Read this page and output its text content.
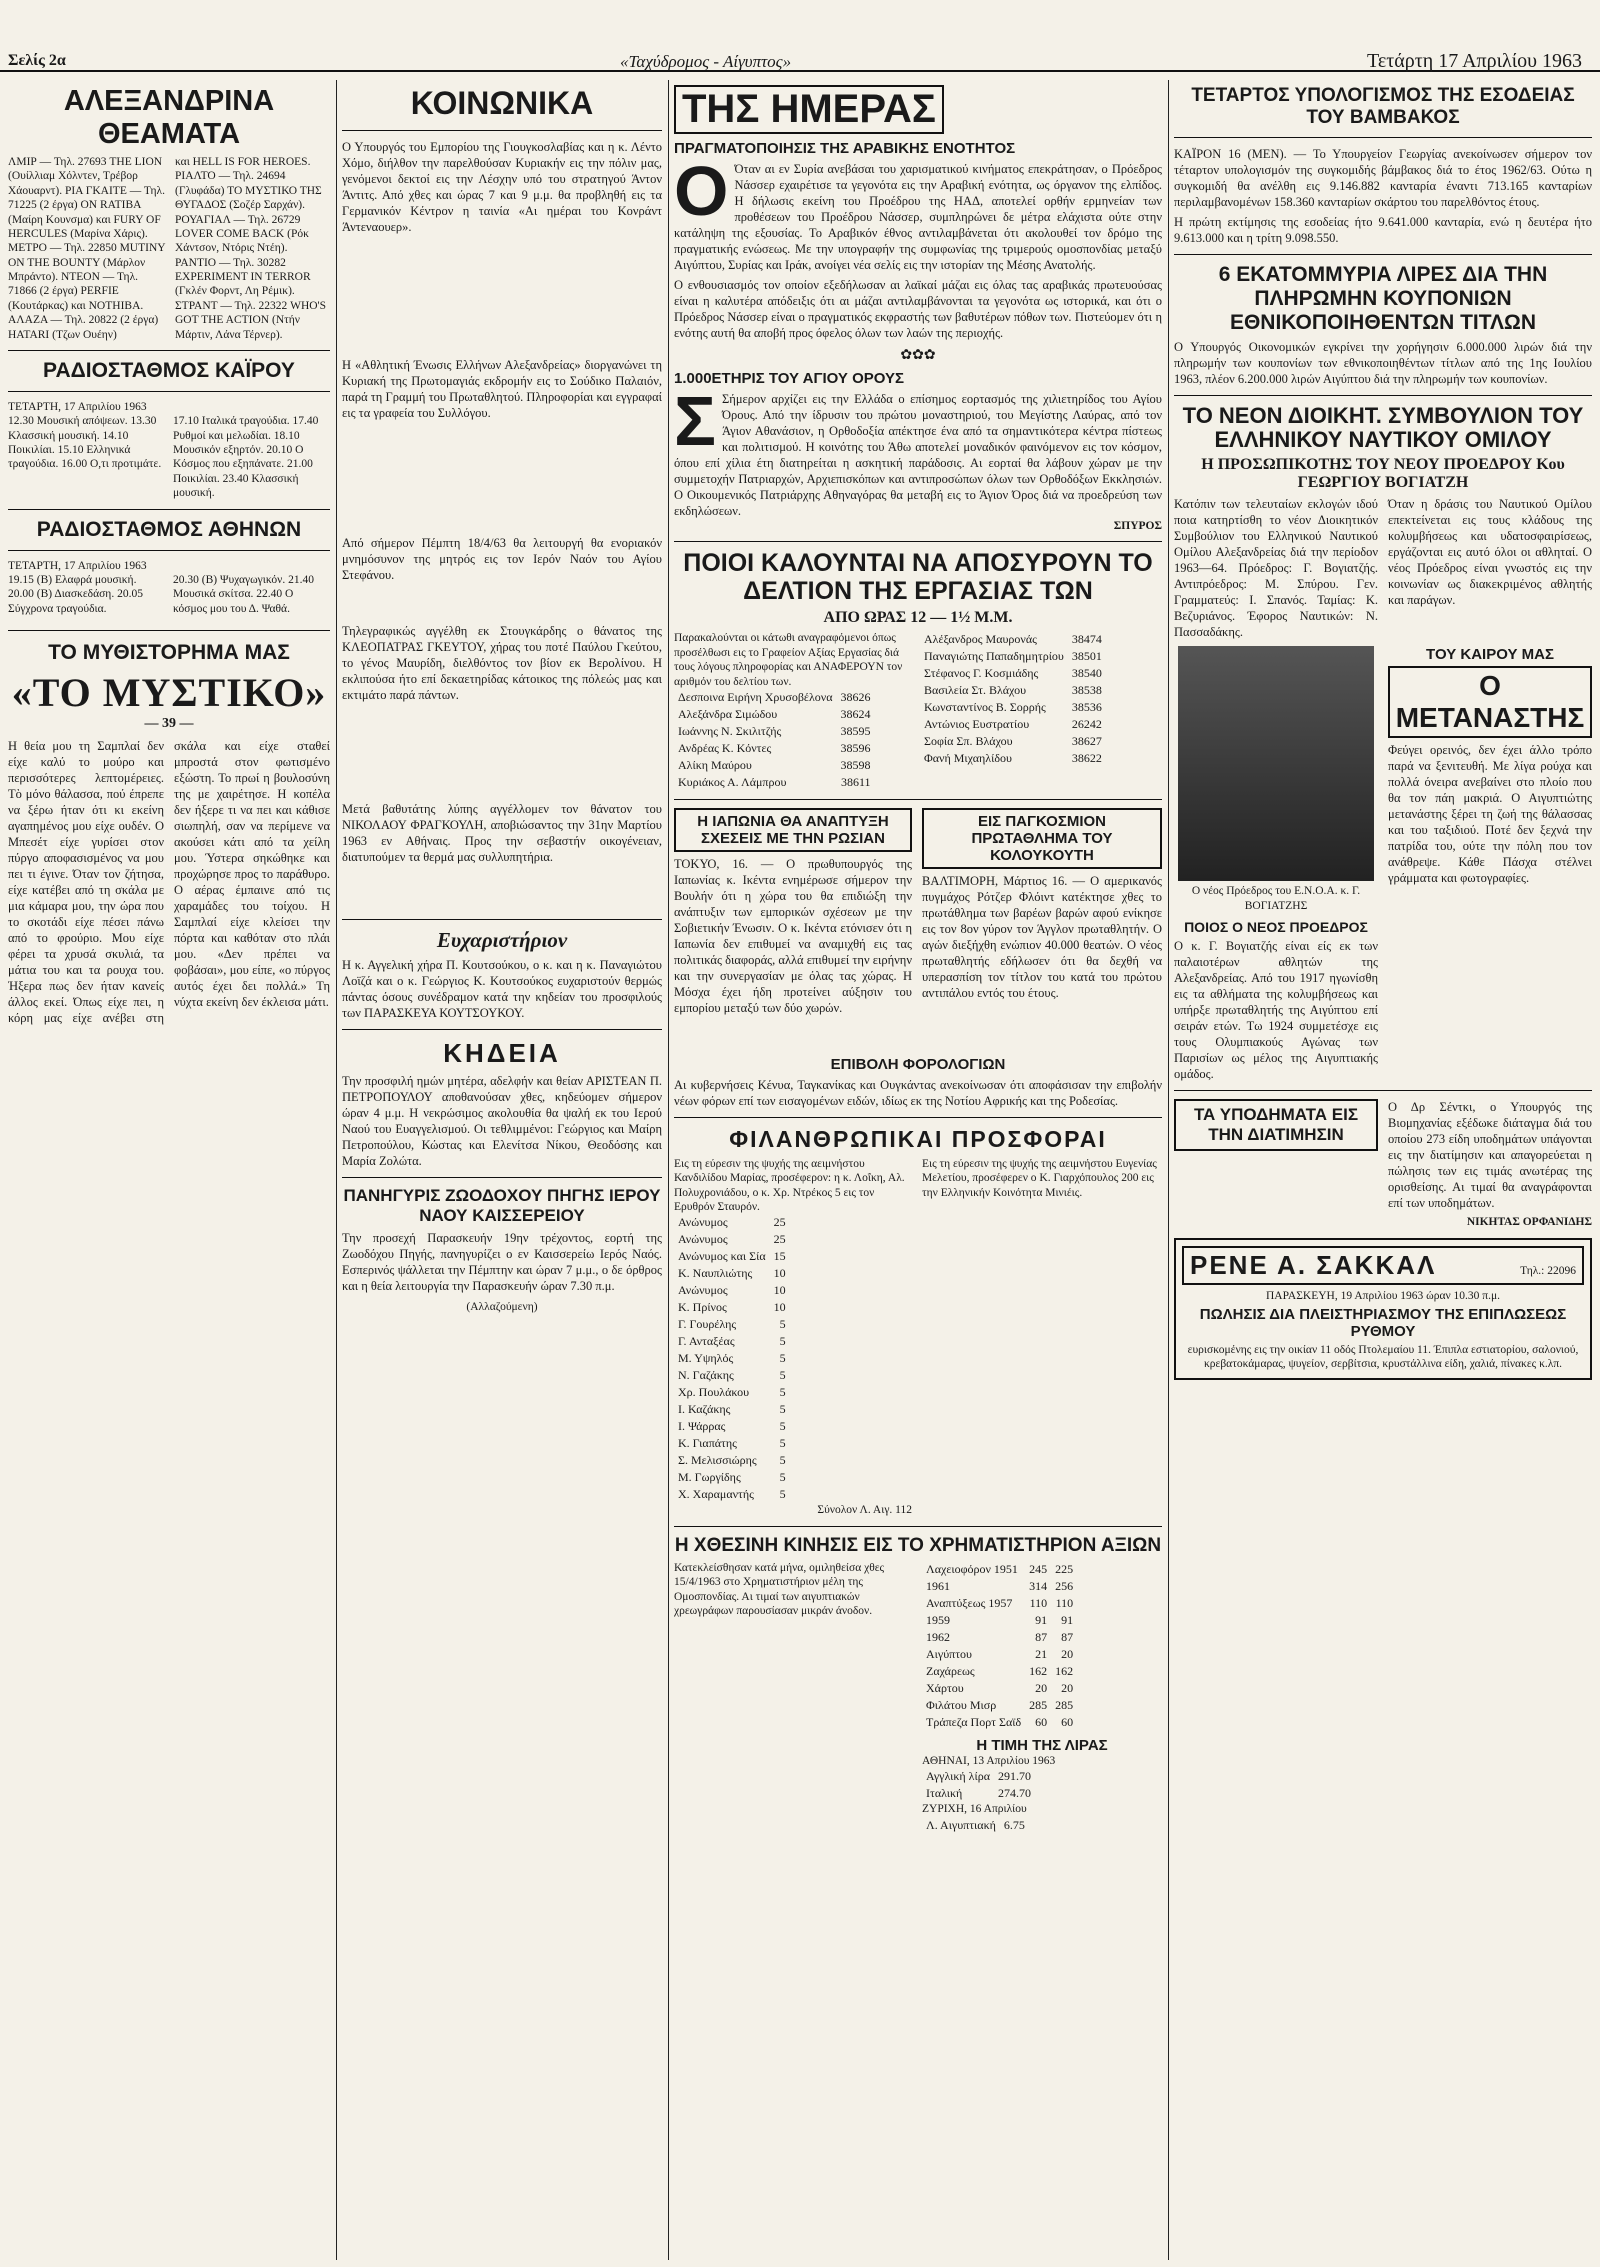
Σελίς 2α	«Ταχύδρομος - Αίγυπτος»	Τετάρτη 17 Απριλίου 1963
ΑΛΕΞΑΝΔΡΙΝΑ ΘΕΑΜΑΤΑ
ΛΜΙΡ — Τηλ. 27693 THE LION (Ουίλλιαμ Χόλντεν, Τρέβορ Χάουαρντ). ΡΙΑ ΓΚΑΙΤΕ — Τηλ. 71225 (2 έργα) ON RATIBA (Μαίρη Κουνσμα) και FURY OF HERCULES (Μαρίνα Χάρις). ΜΕΤΡΟ — Τηλ. 22850 MUTINY ON THE BOUNTY (Μάρλον Μπράντο). ΝΤΕΟΝ — Τηλ. 71866 (2 έργα) PERFIE (Κουτάρκας) και NOTHIBA. ΑΛΑΖΑ — Τηλ. 20822 (2 έργα) HATARI (Τζων Ουέην)
και HELL IS FOR HEROES. ΡΙΑΛΤΟ — Τηλ. 24694 (Γλυφάδα) ΤΟ ΜΥΣΤΙΚΟ ΤΗΣ ΘΥΓΑΔΟΣ (Σοζέρ Σαρχάν). ΡΟΥΑΓΙΑΛ — Τηλ. 26729 LOVER COME BACK (Ρόκ Χάντσον, Ντόρις Ντέη). ΡΑΝΤΙΟ — Τηλ. 30282 EXPERIMENT IN TERROR (Γκλέν Φορντ, Λη Ρέμικ). ΣΤΡΑΝΤ — Τηλ. 22322 WHO'S GOT THE ACTION (Ντήν Μάρτιν, Λάνα Τέρνερ).
ΡΑΔΙΟΣΤΑΘΜΟΣ ΚΑΪΡΟΥ
ΤΕΤΑΡΤΗ, 17 Απριλίου 1963
12.30 Μουσική απόψεων. 13.30 Κλασσική μουσική. 14.10 Ποικιλίαι. 15.10 Ελληνικά τραγούδια. 16.00 Ο,τι προτιμάτε.
17.10 Ιταλικά τραγούδια. 17.40 Ρυθμοί και μελωδίαι. 18.10 Μουσικόν εξηρτόν. 20.10 Ο Κόσμος που εξηπάνατε. 21.00 Ποικιλίαι. 23.40 Κλασσική μουσική.
ΡΑΔΙΟΣΤΑΘΜΟΣ ΑΘΗΝΩΝ
ΤΕΤΑΡΤΗ, 17 Απριλίου 1963
19.15 (Β) Ελαφρά μουσική. 20.00 (Β) Διασκεδάση. 20.05 Σύγχρονα τραγούδια.
20.30 (Β) Ψυχαγωγικόν. 21.40 Μουσικά σκίτσα. 22.40 Ο κόσμος μου του Δ. Ψαθά.
ΤΟ ΜΥΘΙΣΤΟΡΗΜΑ ΜΑΣ
«ΤΟ ΜΥΣΤΙΚΟ»
— 39 —
Η θεία μου τη Σαμπλαί δεν είχε καλύ το μούρο και περισσότερες λεπτομέρειες. Τὸ μόνο θάλασσα, πού έπρεπε να ξέρω ήταν ότι κι εκείνη αγαπημένος μου είχε ουδέν. Ο Μπεσέτ είχε γυρίσει στον πύργο αποφασισμένος να μου πει τι έγινε. Όταν τον ζήτησα, είχε κατέβει από τη σκάλα με μια κάμαρα μου, την ώρα που το σκοτάδι είχε πέσει πάνω από το φρούριο. Μου είχε φέρει τα χρυσά σκυλιά, τα μάτια του και τα ρουχα του. Ήξερα πως δεν ήταν κανείς άλλος εκεί. Όπως είχε πει, η κόρη μας είχε ανέβει στη σκάλα και είχε σταθεί μπροστά στον φωτισμένο εξώστη. Το πρωί η βουλοσύνη της με χαιρέτησε. Η κοπέλα δεν ήξερε τι να πει και κάθισε σιωπηλή, σαν να περίμενε να ακούσει κάτι από τα χείλη μου. Ύστερα σηκώθηκε και προχώρησε προς το παράθυρο. Ο αέρας έμπαινε από τις χαραμάδες του τοίχου. Η Σαμπλαί είχε κλείσει την πόρτα και καθόταν στο πλάι μου. «Δεν πρέπει να φοβάσαι», μου είπε, «ο πύργος αυτός έχει δει πολλά.» Τη νύχτα εκείνη δεν έκλεισα μάτι.
ΚΟΙΝΩΝΙΚΑ
Ο Υπουργός του Εμπορίου της Γιουγκοσλαβίας και η κ. Λέντο Χόμο, διήλθον την παρελθούσαν Κυριακήν εις την πόλιν μας, γενόμενοι δεκτοί εις την Λέσχην υπό του στρατηγού Άντον Άντιτς. Από χθες και ώρας 7 και 9 μ.μ. θα προβληθή εις τα Γερμανικόν Κέντρον η ταινία «Αι ημέραι του Κονράντ Άντεναουερ».
Η «Αθλητική Ένωσις Ελλήνων Αλεξανδρείας» διοργανώνει τη Κυριακή της Πρωτομαγιάς εκδρομήν εις το Σούδικο Παλαιόν, παρά τη Γραμμή του Πρωταθλητού. Πληροφορίαι και εγγραφαί εις τα γραφεία του Συλλόγου.
Από σήμερον Πέμπτη 18/4/63 θα λειτουργή θα ενοριακόν μνημόσυνον της μητρός εις τον Ιερόν Ναόν του Αγίου Στεφάνου.
Τηλεγραφικώς αγγέλθη εκ Στουγκάρδης ο θάνατος της ΚΛΕΟΠΑΤΡΑΣ ΓΚΕΥΤΟΥ, χήρας του ποτέ Παύλου Γκεύτου, το γένος Μαυρίδη, διελθόντος τον βίον εκ Βερολίνου. Η εκλιπούσα ήτο επί δεκαετηρίδας κάτοικος της πόλεώς μας και εκτιμάτο παρά πάντων.
Μετά βαθυτάτης λύπης αγγέλλομεν τον θάνατον του ΝΙΚΟΛΑΟΥ ΦΡΑΓΚΟΥΛΗ, αποβιώσαντος την 31ην Μαρτίου 1963 εν Αθήναις. Προς την σεβαστήν οικογένειαν, διατυπούμεν τα θερμά μας συλλυπητήρια.
Ευχαριστήριον
Η κ. Αγγελική χήρα Π. Κουτσούκου, ο κ. και η κ. Παναγιώτου Λοϊζά και ο κ. Γεώργιος Κ. Κουτσούκος ευχαριστούν θερμώς πάντας όσους συνέδραμον κατά την κηδείαν του προσφιλούς των ΠΑΡΑΣΚΕΥΑ ΚΟΥΤΣΟΥΚΟΥ.
ΚΗΔΕΙΑ
Την προσφιλή ημών μητέρα, αδελφήν και θείαν ΑΡΙΣΤΕΑΝ Π. ΠΕΤΡΟΠΟΥΛΟΥ αποθανούσαν χθες, κηδεύομεν σήμερον ώραν 4 μ.μ. Η νεκρώσιμος ακολουθία θα ψαλή εκ του Ιερού Ναού του Ευαγγελισμού. Οι τεθλιμμένοι: Γεώργιος και Μαίρη Πετροπούλου, Κώστας και Ελενίτσα Νίκου, Θεοδόσης και Μαρία Ζολώτα.
ΠΑΝΗΓΥΡΙΣ ΖΩΟΔΟΧΟΥ ΠΗΓΗΣ ΙΕΡΟΥ ΝΑΟΥ ΚΑΙΣΣΕΡΕΙΟΥ
Την προσεχή Παρασκευήν 19ην τρέχοντος, εορτή της Ζωοδόχου Πηγής, πανηγυρίζει ο εν Καισσερείω Ιερός Ναός. Εσπερινός ψάλλεται την Πέμπτην και ώραν 7 μ.μ., ο δε όρθρος και η θεία λειτουργία την Παρασκευήν ώραν 7.30 π.μ.
(Αλλαζούμενη)
ΤΗΣ ΗΜΕΡΑΣ
ΠΡΑΓΜΑΤΟΠΟΙΗΣΙΣ ΤΗΣ ΑΡΑΒΙΚΗΣ ΕΝΟΤΗΤΟΣ
Ο Όταν αι εν Συρία ανεβάσαι του χαρισματικού κινήματος επεκράτησαν, ο Πρόεδρος Νάσσερ εχαιρέτισε τα γεγονότα εις την Αραβική ενότητα, ως όργανον της ελπίδος. Η δήλωσις εκείνη του Προέδρου της ΗΑΔ, αποτελεί ορθήν ερμηνείαν των προθέσεων του Προέδρου Νάσσερ, συμπληρώνει δε μέτρα ελάχιστα ούτε στην κατάληψη της εξουσίας. Το Αραβικόν έθνος αντιλαμβάνεται ότι ακολουθεί τον δρόμο της πραγματικής ενώσεως. Με την υπογραφήν της συμφωνίας της τριμερούς ομοσπονδίας μεταξύ Αιγύπτου, Συρίας και Ιράκ, ανοίγει νέα σελίς εις την ιστορίαν της Μέσης Ανατολής.
Ο ενθουσιασμός τον οποίον εξεδήλωσαν αι λαϊκαί μάζαι εις όλας τας αραβικάς πρωτευούσας είναι η καλυτέρα απόδειξις ότι αι μάζαι αντιλαμβάνονται τα γεγονότα ως ιστορικά, και ότι ο Πρόεδρος Νάσσερ είναι ο πραγματικός εκφραστής των βαθυτέρων πόθων των. Πιστεύομεν ότι η ενότης αυτή θα αποβή προς όφελος όλων των λαών της περιοχής.
✿✿✿
1.000ΕΤΗΡΙΣ ΤΟΥ ΑΓΙΟΥ ΟΡΟΥΣ
Σ Σήμερον αρχίζει εις την Ελλάδα ο επίσημος εορτασμός της χιλιετηρίδος του Αγίου Όρους. Από την ίδρυσιν του πρώτου μοναστηριού, του Μεγίστης Λαύρας, από τον Άγιον Αθανάσιον, η Ορθοδοξία απέκτησε ένα από τα σημαντικότερα κέντρα πίστεως και πολιτισμού. Η κοινότης του Άθω αποτελεί μοναδικόν φαινόμενον εις τον κόσμον, όπου επί χίλια έτη διατηρείται η ασκητική παράδοσις. Αι εορταί θα λάβουν χώραν με την συμμετοχήν Πατριαρχών, Αρχιεπισκόπων και αντιπροσώπων όλων των Ορθοδόξων Εκκλησιών. Ο Οικουμενικός Πατριάρχης Αθηναγόρας θα μεταβή εις το Άγιον Όρος διά να προεδρεύση των εκδηλώσεων.
ΣΠΥΡΟΣ
ΠΟΙΟΙ ΚΑΛΟΥΝΤΑΙ ΝΑ ΑΠΟΣΥΡΟΥΝ ΤΟ ΔΕΛΤΙΟΝ ΤΗΣ ΕΡΓΑΣΙΑΣ ΤΩΝ
ΑΠΟ ΩΡΑΣ 12 — 1½ Μ.Μ.
Παρακαλούνται οι κάτωθι αναγραφόμενοι όπως προσέλθωσι εις το Γραφείον Αξίας Εργασίας διά τους λόγους πληροφορίας και ΑΝΑΦΕΡΟΥΝ τον αριθμόν του δελτίου των.
Δεσποινα Ειρήνη Χρυσοβέλονα	38626
Αλεξάνδρα Σιμώδου	38624
Ιωάννης Ν. Σκιλιτζής	38595
Ανδρέας Κ. Κόντες	38596
Αλίκη Μαύρου	38598
Κυριάκος Α. Λάμπρου	38611
Αλέξανδρος Μαυρονάς	38474
Παναγιώτης Παπαδημητρίου	38501
Στέφανος Γ. Κοσμιάδης	38540
Βασιλεία Στ. Βλάχου	38538
Κωνσταντίνος Β. Σορρής	38536
Αντώνιος Ευστρατίου	26242
Σοφία Σπ. Βλάχου	38627
Φανή Μιχαηλίδου	38622
Η ΙΑΠΩΝΙΑ ΘΑ ΑΝΑΠΤΥΞΗ ΣΧΕΣΕΙΣ ΜΕ ΤΗΝ ΡΩΣΙΑΝ
ΤΟΚΥΟ, 16. — Ο πρωθυπουργός της Ιαπωνίας κ. Ικέντα ενημέρωσε σήμερον την Βουλήν ότι η χώρα του θα επιδιώξη την ανάπτυξιν των εμπορικών σχέσεων με την Σοβιετικήν Ένωσιν. Ο κ. Ικέντα ετόνισεν ότι η Ιαπωνία δεν επιθυμεί να αναμιχθή εις τας πολιτικάς διαφοράς, αλλά επιθυμεί την ειρήνην και την συνεργασίαν με όλας τας χώρας. Η Μόσχα έχει ήδη προτείνει αύξησιν του εμπορίου μεταξύ των δύο χωρών.
ΕΙΣ ΠΑΓΚΟΣΜΙΟΝ ΠΡΩΤΑΘΛΗΜΑ ΤΟΥ ΚΟΛΟΥΚΟΥΤΗ
ΒΑΛΤΙΜΟΡΗ, Μάρτιος 16. — Ο αμερικανός πυγμάχος Ρότζερ Φλόιντ κατέκτησε χθες το πρωτάθλημα των βαρέων βαρών αφού ενίκησε εις τον 8ον γύρον τον Άγγλον πρωταθλητήν. Ο αγών διεξήχθη ενώπιον 40.000 θεατών. Ο νέος πρωταθλητής εδήλωσεν ότι θα δεχθή να υπερασπίση τον τίτλον του κατά του πρώτου αντιπάλου εντός του έτους.
ΕΠΙΒΟΛΗ ΦΟΡΟΛΟΓΙΩΝ
Αι κυβερνήσεις Κένυα, Ταγκανίκας και Ουγκάντας ανεκοίνωσαν ότι αποφάσισαν την επιβολήν νέων φόρων επί των εισαγομένων ειδών, ιδίως εκ της Νοτίου Αφρικής και της Ροδεσίας.
ΦΙΛΑΝΘΡΩΠΙΚΑΙ ΠΡΟΣΦΟΡΑΙ
Εις τη εύρεσιν της ψυχής της αειμνήστου Κανδιλίδου Μαρίας, προσέφερον: η κ. Λοΐκη, Αλ. Πολυχρονιάδου, ο κ. Χρ. Ντρέκος 5 εις τον Ερυθρόν Σταυρόν.
Ανώνυμος	25
Ανώνυμος	25
Ανώνυμος και Σία	15
Κ. Ναυπλιώτης	10
Ανώνυμος	10
Κ. Πρίνος	10
Γ. Γουρέλης	5
Γ. Ανταξέας	5
Μ. Υψηλός	5
Ν. Γαζάκης	5
Χρ. Πουλάκου	5
Ι. Καζάκης	5
Ι. Ψάρρας	5
Κ. Γιαπάτης	5
Σ. Μελισσιώρης	5
Μ. Γωργίδης	5
Χ. Χαραμαντής	5
Σύνολον Λ. Αιγ. 112
Εις τη εύρεσιν της ψυχής της αειμνήστου Ευγενίας Μελετίου, προσέφερεν ο Κ. Γιαρχόπουλος 200 εις την Ελληνικήν Κοινότητα Μινιέις.
Η ΧΘΕΣΙΝΗ ΚΙΝΗΣΙΣ ΕΙΣ ΤΟ ΧΡΗΜΑΤΙΣΤΗΡΙΟΝ ΑΞΙΩΝ
Κατεκλείσθησαν κατά μήνα, ομιληθείσα χθες 15/4/1963 στο Χρηματιστήριον μέλη της Ομοσπονδίας. Αι τιμαί των αιγυπτιακών χρεωγράφων παρουσίασαν μικράν άνοδον.
Λαχειοφόρον 1951	245	225
1961	314	256
Αναπτύξεως 1957	110	110
1959	91	91
1962	87	87
Αιγύπτου	21	20
Ζαχάρεως	162	162
Χάρτου	20	20
Φιλάτου Μισρ	285	285
Τράπεζα Πορτ Σαϊδ	60	60
Η ΤΙΜΗ ΤΗΣ ΛΙΡΑΣ
ΑΘΗΝΑΙ, 13 Απριλίου 1963
Αγγλική λίρα	291.70
Ιταλική	274.70
ΖΥΡΙΧΗ, 16 Απριλίου
Λ. Αιγυπτιακή	6.75
ΤΕΤΑΡΤΟΣ ΥΠΟΛΟΓΙΣΜΟΣ ΤΗΣ ΕΣΟΔΕΙΑΣ ΤΟΥ ΒΑΜΒΑΚΟΣ
ΚΑΪΡΟΝ 16 (ΜΕΝ). — Το Υπουργείον Γεωργίας ανεκοίνωσεν σήμερον τον τέταρτον υπολογισμόν της συγκομιδής βάμβακος διά το έτος 1962/63. Ούτω η συγκομιδή θα ανέλθη εις 9.146.882 κανταρία έναντι 713.165 κανταρίων περιλαμβανομένων 158.360 κανταρίων σκάρτου του παρελθόντος έτους.
Η πρώτη εκτίμησις της εσοδείας ήτο 9.641.000 κανταρία, ενώ η δευτέρα ήτο 9.613.000 και η τρίτη 9.098.550.
6 ΕΚΑΤΟΜΜΥΡΙΑ ΛΙΡΕΣ ΔΙΑ ΤΗΝ ΠΛΗΡΩΜΗΝ ΚΟΥΠΟΝΙΩΝ ΕΘΝΙΚΟΠΟΙΗΘΕΝΤΩΝ ΤΙΤΛΩΝ
Ο Υπουργός Οικονομικών εγκρίνει την χορήγησιν 6.000.000 λιρών διά την πληρωμήν των κουπονίων των εθνικοποιηθέντων τίτλων από της 1ης Ιουλίου 1963, πλέον 6.200.000 λιρών Αιγύπτου διά την πληρωμήν των κουπονίων.
ΤΟ ΝΕΟΝ ΔΙΟΙΚΗΤ. ΣΥΜΒΟΥΛΙΟΝ ΤΟΥ ΕΛΛΗΝΙΚΟΥ ΝΑΥΤΙΚΟΥ ΟΜΙΛΟΥ
Η ΠΡΟΣΩΠΙΚΟΤΗΣ ΤΟΥ ΝΕΟΥ ΠΡΟΕΔΡΟΥ Κου ΓΕΩΡΓΙΟΥ ΒΟΓΙΑΤΖΗ
Κατόπιν των τελευταίων εκλογών ιδού ποια κατηρτίσθη το νέον Διοικητικόν Συμβούλιον του Ελληνικού Ναυτικού Ομίλου Αλεξανδρείας διά την περίοδον 1963—64. Πρόεδρος: Γ. Βογιατζής. Αντιπρόεδρος: Μ. Σπύρου. Γεν. Γραμματεύς: Ι. Σπανός. Ταμίας: Κ. Βεζυριάνος. Έφορος Ναυτικών: Ν. Πασσαδάκης.
Όταν η δράσις του Ναυτικού Ομίλου επεκτείνεται εις τους κλάδους της κολυμβήσεως και υδατοσφαιρίσεως, εργάζονται εις αυτό όλοι οι αθληταί. Ο νέος Πρόεδρος είναι γνωστός εις την κοινωνίαν ως διακεκριμένος αθλητής και παράγων.
Ο νέος Πρόεδρος του Ε.Ν.Ο.Α. κ. Γ. ΒΟΓΙΑΤΖΗΣ
ΠΟΙΟΣ Ο ΝΕΟΣ ΠΡΟΕΔΡΟΣ
Ο κ. Γ. Βογιατζής είναι είς εκ των παλαιοτέρων αθλητών της Αλεξανδρείας. Από του 1917 ηγωνίσθη εις τα αθλήματα της κολυμβήσεως και υπήρξε πρωταθλητής της Αιγύπτου επί σειράν ετών. Τω 1924 συμμετέσχε εις τους Ολυμπιακούς Αγώνας των Παρισίων ως μέλος της Αιγυπτιακής ομάδος.
ΤΟΥ ΚΑΙΡΟΥ ΜΑΣ
Ο ΜΕΤΑΝΑΣΤΗΣ
Φεύγει ορεινός, δεν έχει άλλο τρόπο παρά να ξενιτευθή. Με λίγα ρούχα και πολλά όνειρα ανεβαίνει στο πλοίο που θα τον πάη μακριά. Ο Αιγυπτιώτης μετανάστης ξέρει τη ζωή της θάλασσας και του ταξιδιού. Ποτέ δεν ξεχνά την πατρίδα του, ούτε την πόλη που τον ανάθρεψε. Κάθε Πάσχα στέλνει γράμματα και φωτογραφίες.
ΤΑ ΥΠΟΔΗΜΑΤΑ ΕΙΣ ΤΗΝ ΔΙΑΤΙΜΗΣΙΝ
Ο Δρ Σέντκι, ο Υπουργός της Βιομηχανίας εξέδωκε διάταγμα διά του οποίου 273 είδη υποδημάτων υπάγονται εις την διατίμησιν και απαγορεύεται η πώλησις των εις τιμάς ανωτέρας της ορισθείσης. Αι τιμαί θα αναγράφονται επί των υποδημάτων.
ΝΙΚΗΤΑΣ ΟΡΦΑΝΙΔΗΣ
ΡΕΝΕ Α. ΣΑΚΚΑΛ	Τηλ.: 22096
ΠΑΡΑΣΚΕΥΗ, 19 Απριλίου 1963 ώραν 10.30 π.μ.
ΠΩΛΗΣΙΣ ΔΙΑ ΠΛΕΙΣΤΗΡΙΑΣΜΟΥ ΤΗΣ ΕΠΙΠΛΩΣΕΩΣ ΡΥΘΜΟΥ
ευρισκομένης εις την οικίαν 11 οδός Πτολεμαίου 11. Έπιπλα εστιατορίου, σαλονιού, κρεβατοκάμαρας, ψυγείον, σερβίτσια, κρυστάλλινα είδη, χαλιά, πίνακες κ.λπ.
